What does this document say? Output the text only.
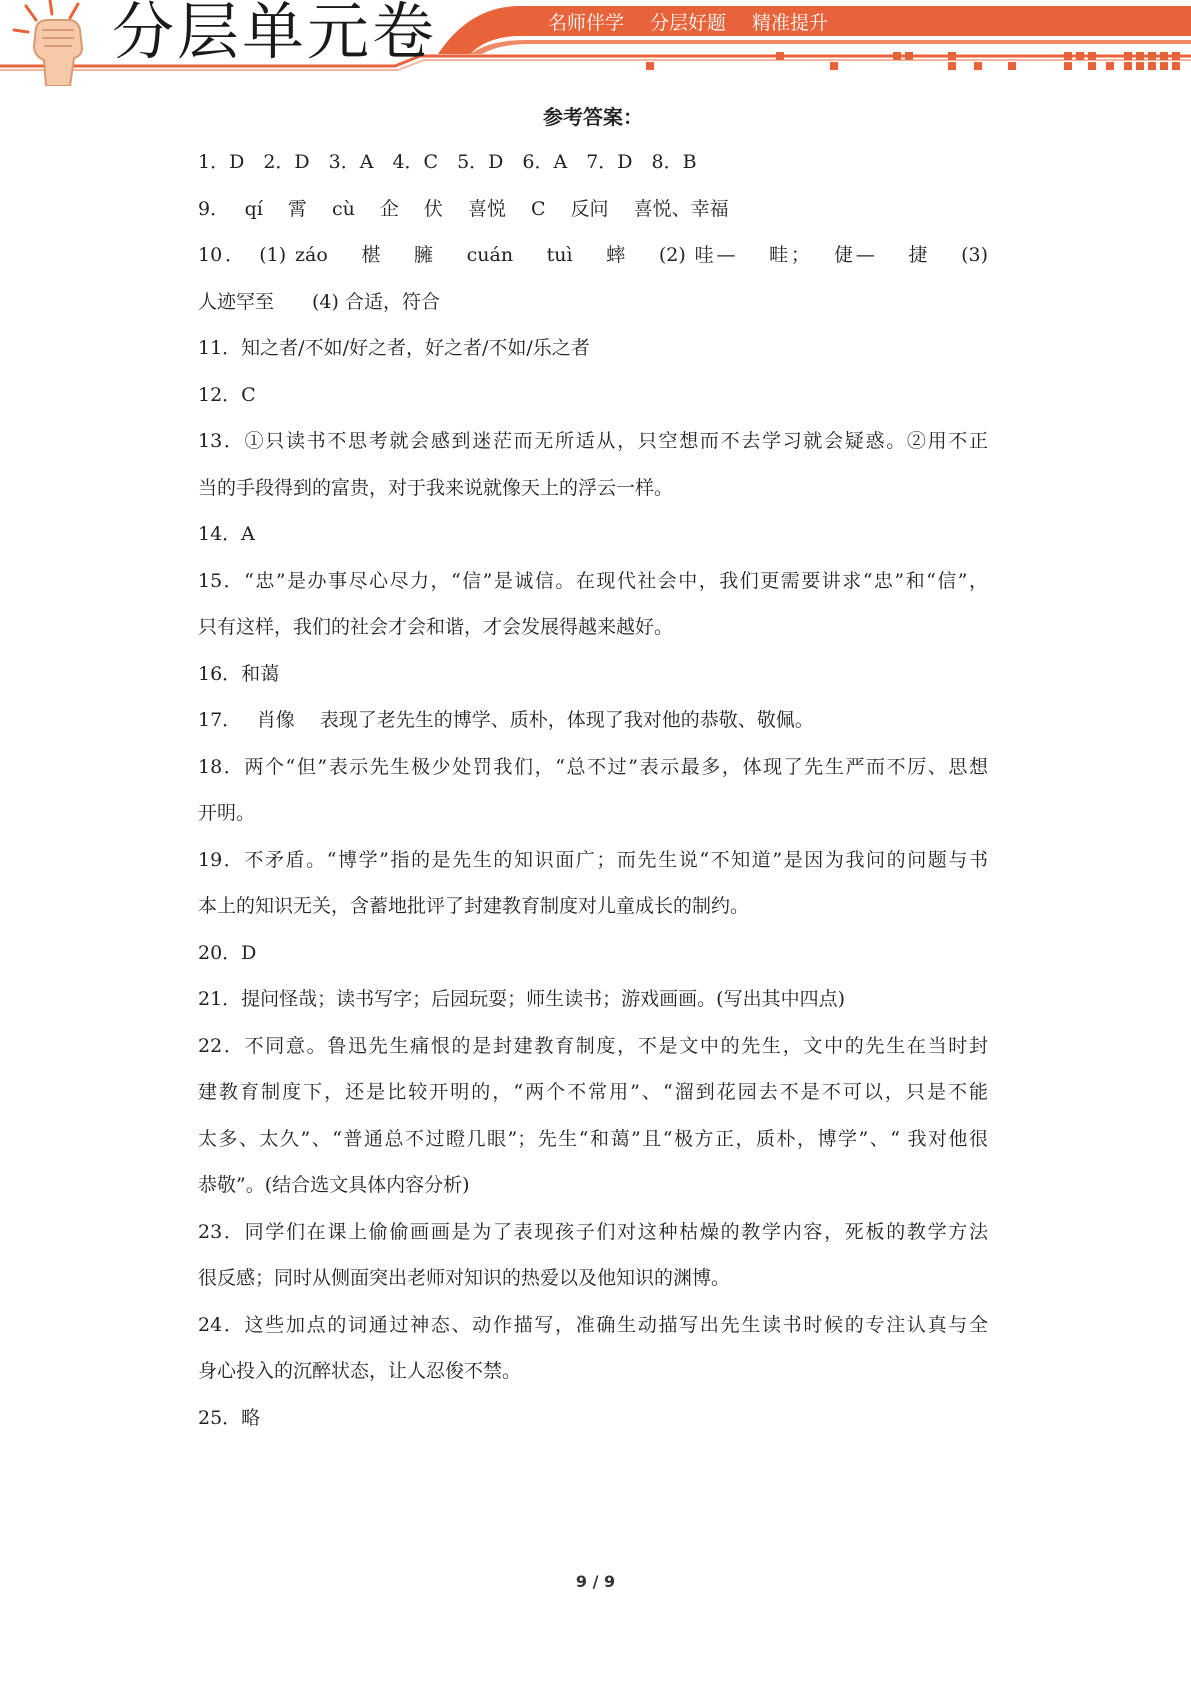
分层单元卷	名师伴学 分层好题 精准提升
参考答案：
1．D　2．D　3．A　4．C　5．D　6．A　7．D　8．B
9．　 qí　 霄　 cù　 企　 伏　 喜悦　 C　 反问　 喜悦、幸福
10．　(1) záo　 椹　 臃　 cuán　 tuì　 蟀　 (2) 哇—　 畦；　 倢—　 捷　 (3)
人迹罕至　　(4) 合适，符合
11．知之者/不如/好之者，好之者/不如/乐之者
12．C
13．①只读书不思考就会感到迷茫而无所适从，只空想而不去学习就会疑惑。②用不正
当的手段得到的富贵，对于我来说就像天上的浮云一样。
14．A
15．“忠”是办事尽心尽力，“信”是诚信。在现代社会中，我们更需要讲求“忠”和“信”，
只有这样，我们的社会才会和谐，才会发展得越来越好。
16．和蔼
17．　 肖像　 表现了老先生的博学、质朴，体现了我对他的恭敬、敬佩。
18．两个“但”表示先生极少处罚我们，“总不过”表示最多，体现了先生严而不厉、思想
开明。
19．不矛盾。“博学”指的是先生的知识面广；而先生说“不知道”是因为我问的问题与书
本上的知识无关，含蓄地批评了封建教育制度对儿童成长的制约。
20．D
21．提问怪哉；读书写字；后园玩耍；师生读书；游戏画画。(写出其中四点)
22．不同意。鲁迅先生痛恨的是封建教育制度，不是文中的先生，文中的先生在当时封
建教育制度下，还是比较开明的，“两个不常用”、“溜到花园去不是不可以，只是不能
太多、太久”、“普通总不过瞪几眼”；先生“和蔼”且“极方正，质朴，博学”、“ 我对他很
恭敬”。(结合选文具体内容分析)
23．同学们在课上偷偷画画是为了表现孩子们对这种枯燥的教学内容，死板的教学方法
很反感；同时从侧面突出老师对知识的热爱以及他知识的渊博。
24．这些加点的词通过神态、动作描写，准确生动描写出先生读书时候的专注认真与全
身心投入的沉醉状态，让人忍俊不禁。
25．略
9 / 9
